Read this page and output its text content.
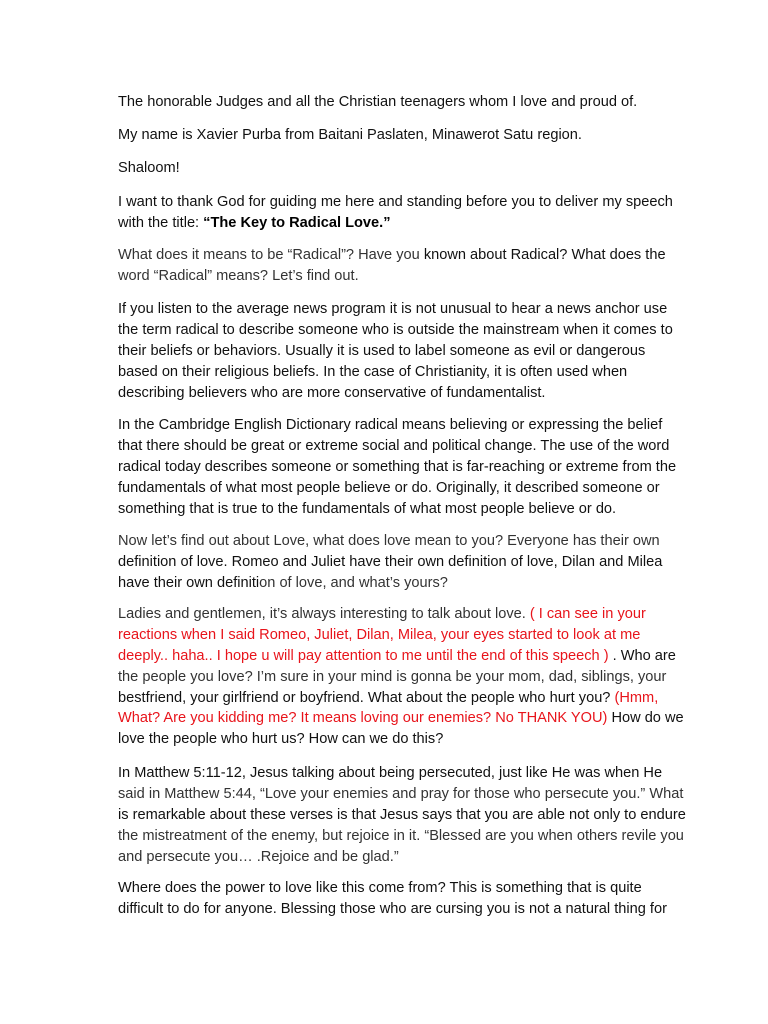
The honorable Judges and all the Christian teenagers whom I love and proud of.
My name is Xavier Purba from Baitani Paslaten, Minawerot Satu region.
Shaloom!
I want to thank God for guiding me here and standing before you to deliver my speech
with the title: “The Key to Radical Love.”
What does it means to be “Radical”? Have you known about Radical? What does the
word “Radical” means? Let’s find out.
If you listen to the average news program it is not unusual to hear a news anchor use
the term radical to describe someone who is outside the mainstream when it comes to
their beliefs or behaviors. Usually it is used to label someone as evil or dangerous
based on their religious beliefs. In the case of Christianity, it is often used when
describing believers who are more conservative of fundamentalist.
In the Cambridge English Dictionary radical means believing or expressing the belief
that there should be great or extreme social and political change. The use of the word
radical today describes someone or something that is far-reaching or extreme from the
fundamentals of what most people believe or do. Originally, it described someone or
something that is true to the fundamentals of what most people believe or do.
Now let’s find out about Love, what does love mean to you? Everyone has their own
definition of love. Romeo and Juliet have their own definition of love, Dilan and Milea
have their own definition of love, and what’s yours?
Ladies and gentlemen, it’s always interesting to talk about love. ( I can see in your
reactions when I said Romeo, Juliet, Dilan, Milea, your eyes started to look at me
deeply.. haha.. I hope u will pay attention to me until the end of this speech ) . Who are
the people you love? I’m sure in your mind is gonna be your mom, dad, siblings, your
bestfriend, your girlfriend or boyfriend. What about the people who hurt you? (Hmm,
What? Are you kidding me? It means loving our enemies? No THANK YOU) How do we
love the people who hurt us? How can we do this?
In Matthew 5:11-12, Jesus talking about being persecuted, just like He was when He
said in Matthew 5:44, “Love your enemies and pray for those who persecute you.” What
is remarkable about these verses is that Jesus says that you are able not only to endure
the mistreatment of the enemy, but rejoice in it. “Blessed are you when others revile you
and persecute you… .Rejoice and be glad.”
Where does the power to love like this come from? This is something that is quite
difficult to do for anyone. Blessing those who are cursing you is not a natural thing for
